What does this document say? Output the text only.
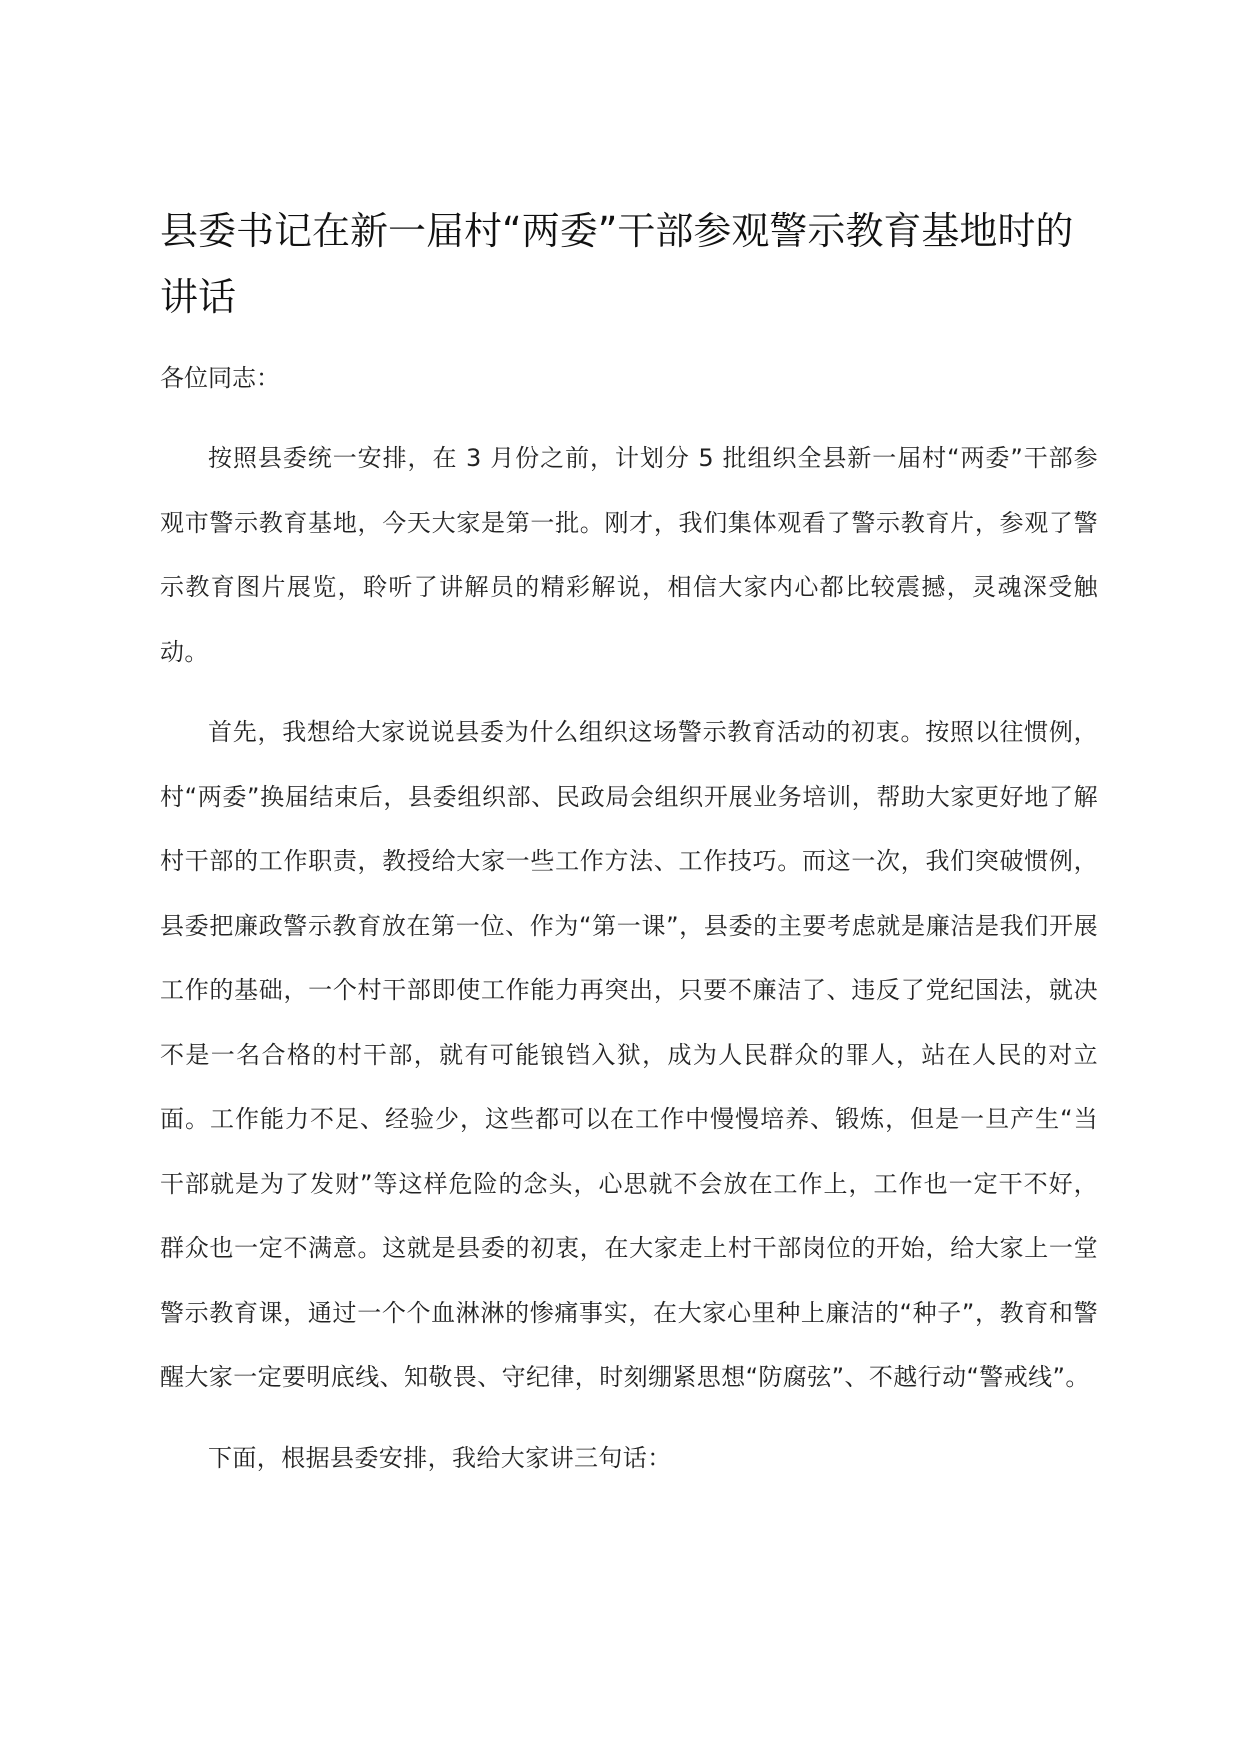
县委书记在新一届村“两委”干部参观警示教育基地时的讲话
各位同志：

按照县委统一安排，在 3 月份之前，计划分 5 批组织全县新一届村“两委”干部参观市警示教育基地，今天大家是第一批。刚才，我们集体观看了警示教育片，参观了警示教育图片展览，聆听了讲解员的精彩解说，相信大家内心都比较震撼，灵魂深受触动。

首先，我想给大家说说县委为什么组织这场警示教育活动的初衷。按照以往惯例，村“两委”换届结束后，县委组织部、民政局会组织开展业务培训，帮助大家更好地了解村干部的工作职责，教授给大家一些工作方法、工作技巧。而这一次，我们突破惯例，县委把廉政警示教育放在第一位、作为“第一课”，县委的主要考虑就是廉洁是我们开展工作的基础，一个村干部即使工作能力再突出，只要不廉洁了、违反了党纪国法，就决不是一名合格的村干部，就有可能锒铛入狱，成为人民群众的罪人，站在人民的对立面。工作能力不足、经验少，这些都可以在工作中慢慢培养、锻炼，但是一旦产生“当干部就是为了发财”等这样危险的念头，心思就不会放在工作上，工作也一定干不好，群众也一定不满意。这就是县委的初衷，在大家走上村干部岗位的开始，给大家上一堂警示教育课，通过一个个血淋淋的惨痛事实，在大家心里种上廉洁的“种子”，教育和警醒大家一定要明底线、知敬畏、守纪律，时刻绷紧思想“防腐弦”、不越行动“警戒线”。

下面，根据县委安排，我给大家讲三句话：
